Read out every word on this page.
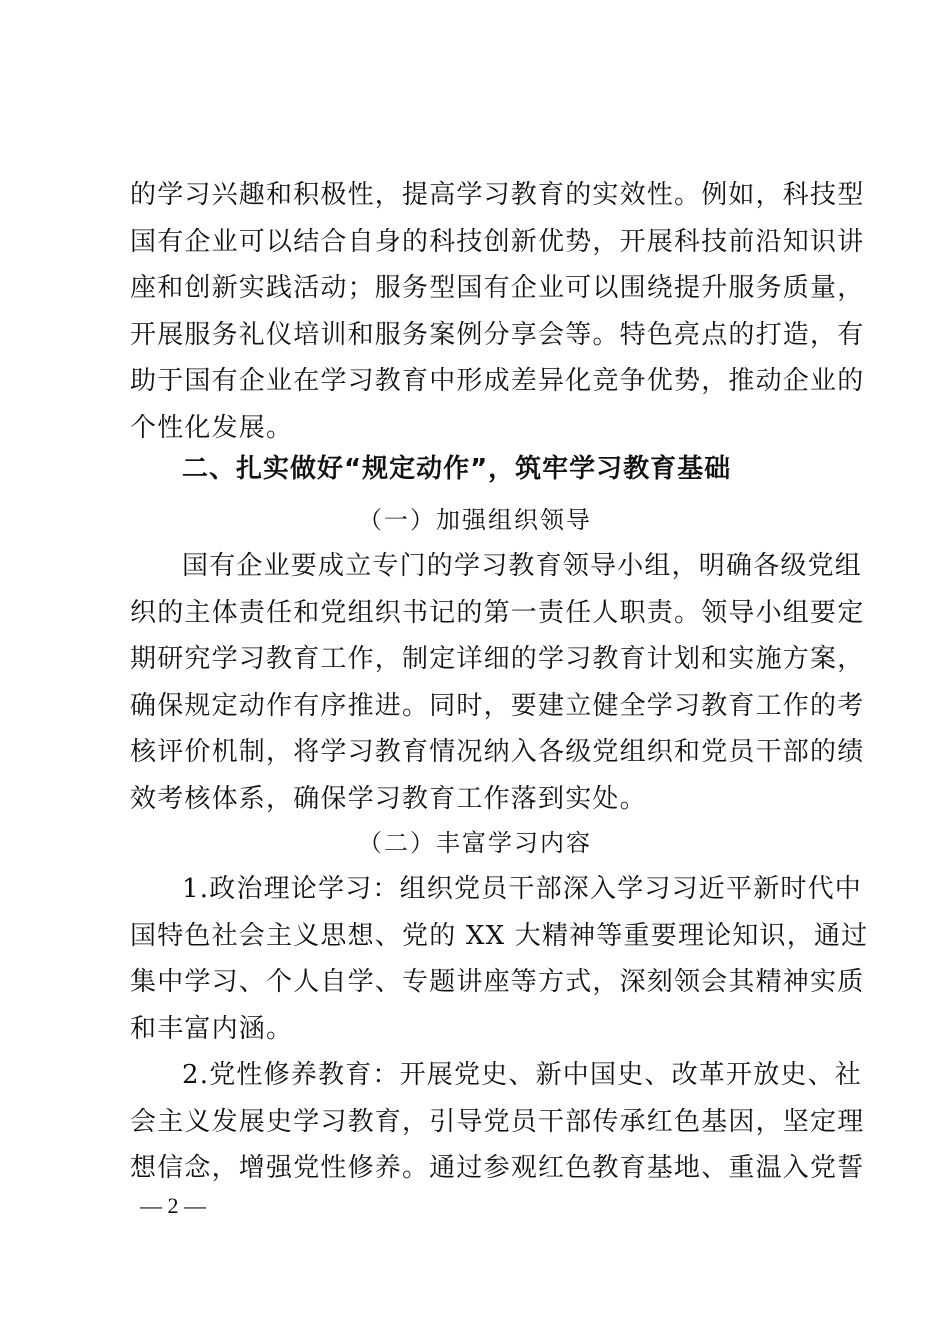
的学习兴趣和积极性，提高学习教育的实效性。例如，科技型
国有企业可以结合自身的科技创新优势，开展科技前沿知识讲
座和创新实践活动；服务型国有企业可以围绕提升服务质量，
开展服务礼仪培训和服务案例分享会等。特色亮点的打造，有
助于国有企业在学习教育中形成差异化竞争优势，推动企业的
个性化发展。
二、扎实做好“规定动作”，筑牢学习教育基础
（一）加强组织领导
国有企业要成立专门的学习教育领导小组，明确各级党组
织的主体责任和党组织书记的第一责任人职责。领导小组要定
期研究学习教育工作，制定详细的学习教育计划和实施方案，
确保规定动作有序推进。同时，要建立健全学习教育工作的考
核评价机制，将学习教育情况纳入各级党组织和党员干部的绩
效考核体系，确保学习教育工作落到实处。
（二）丰富学习内容
1.政治理论学习：组织党员干部深入学习习近平新时代中
国特色社会主义思想、党的 XX 大精神等重要理论知识，通过
集中学习、个人自学、专题讲座等方式，深刻领会其精神实质
和丰富内涵。
2.党性修养教育：开展党史、新中国史、改革开放史、社
会主义发展史学习教育，引导党员干部传承红色基因，坚定理
想信念，增强党性修养。通过参观红色教育基地、重温入党誓
— 2 —
